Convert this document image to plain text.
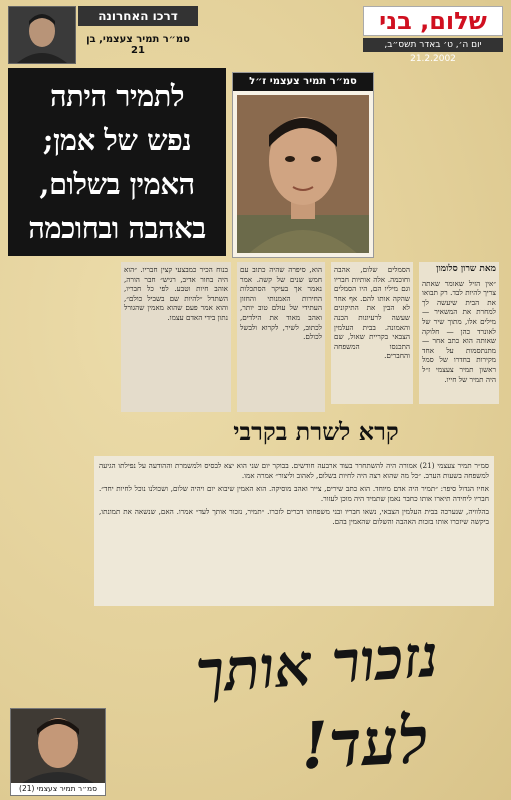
שלום, בני
יום ה׳, ט׳ באדר תשס״ב, 21.2.2002
דרכו האחרונה
סמ״ר תמיר צעצמי, בן 21
לתמיר היתה
נפש של אמן;
האמין בשלום,
באהבה ובחוכמה
סמ״ר תמיר צעצמי ז״ל
מאת שרון סלומון
״אין הזיל שאומר שאתה צריך להיות לבד. רק תבואו את הבית שיעשה לך למחרת את המשאיר — מילים אלו, מתוך שיר של לאונרד כהן — חלוקה שאותה הוא כתב אחר — מתנתסמות על אחד מקירות בחדרו של סמל ראשון תמיר צעצמי ז״ל היה תמיר של חייו.
הסמלים שלום, אהבה וחוכמה. אלה אותיות חבריו וגם מיליו הם, היו הסמלים שהקה אותו להם. אף אחר לא הבין את התיקונים שעשה לרעיונות הכנה והאמונה. בבית העלמין הצבאי בקריית שאול, שם התכנסו המשפחה והחברים.
הוא, סיפרה שהיה כתוב עם חמש שנים של קשה. אמר נאמר אך בעיקר הסתכלות החירות האמנותי והחזון העתידי של עולם טוב יותר, ואהב מאוד את הילדים, לכתוב, לשיר, לקרוא ולבשל לכולם.
בנוח הכיר כמבצעי קצין חבריו. ״הוא היה בחור אדיב, רגיש״ חבר הורה, אוהב חיות וטבע. לפי כל חבריו, השתדל ״להיות שם בשביל כולם״, והוא אמר פעם שהוא מאמין שהגורל נתון בידי האדם עצמו.
קרא לשרת בקרבי

סמ״ר תמיר צעצמי (21) אמורה היה להשתחרר בעוד ארבעה חודשים. בבוקר יום שני הוא יצא לבסיס ולמשמרת וההודעה על נפילתו הגיעה למשפחה בשעות הערב. ״כל מה שהוא רצה היה לחיות בשלום, לאהוב וליצור״ אמרה אמו.

אחיו הגדול סיפר: ״תמיר היה אדם מיוחד. הוא כתב שירים, צייר ואהב מוסיקה. הוא האמין שיבוא יום ויהיה שלום, ושכולנו נוכל לחיות יחד״. חבריו ליחידה תיארו אותו כחבר נאמן שתמיד היה מוכן לעזור.

בהלוויה, שנערכה בבית העלמין הצבאי, נשאו חבריו ובני משפחתו דברים לזכרו. ״תמיר, נזכור אותך לעד״ אמרו. האם, שנשאה את תמונתו, ביקשה שיזכרו אותו בזכות האהבה והשלום שהאמין בהם.

נזכור אותך
לעד!
סמ״ר תמיר צעצמי (21)
